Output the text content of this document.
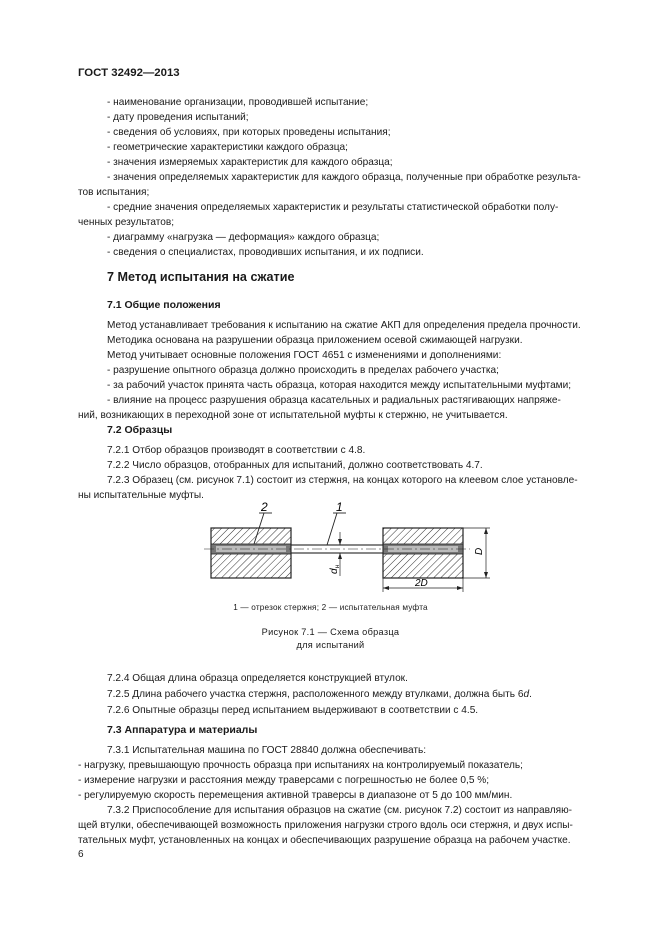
ГОСТ 32492—2013
- наименование организации, проводившей испытание;
- дату проведения испытаний;
- сведения об условиях, при которых проведены испытания;
- геометрические характеристики каждого образца;
- значения измеряемых характеристик для каждого образца;
- значения определяемых характеристик для каждого образца, полученные при обработке результа-
тов испытания;
- средние значения определяемых характеристик и результаты статистической обработки полу-
ченных результатов;
- диаграмму «нагрузка — деформация» каждого образца;
- сведения о специалистах, проводивших испытания, и их подписи.
7 Метод испытания на сжатие
7.1 Общие положения
Метод устанавливает требования к испытанию на сжатие АКП для определения предела прочности.
Методика основана на разрушении образца приложением осевой сжимающей нагрузки.
Метод учитывает основные положения ГОСТ 4651 с изменениями и дополнениями:
- разрушение опытного образца должно происходить в пределах рабочего участка;
- за рабочий участок принята часть образца, которая находится между испытательными муфтами;
- влияние на процесс разрушения образца касательных и радиальных растягивающих напряже-
ний, возникающих в переходной зоне от испытательной муфты к стержню, не учитывается.
7.2 Образцы
7.2.1 Отбор образцов производят в соответствии с 4.8.
7.2.2 Число образцов, отобранных для испытаний, должно соответствовать 4.7.
7.2.3 Образец (см. рисунок 7.1) состоит из стержня, на концах которого на клеевом слое установле-
ны испытательные муфты.
2	1
D
d
н
2D
1 — отрезок стержня; 2 — испытательная муфта
Рисунок 7.1 — Схема образца
для испытаний
7.2.4 Общая длина образца определяется конструкцией втулок.
7.2.5 Длина рабочего участка стержня, расположенного между втулками, должна быть 6d.
7.2.6 Опытные образцы перед испытанием выдерживают в соответствии с 4.5.
7.3 Аппаратура и материалы
7.3.1 Испытательная машина по ГОСТ 28840 должна обеспечивать:
- нагрузку, превышающую прочность образца при испытаниях на контролируемый показатель;
- измерение нагрузки и расстояния между траверсами с погрешностью не более 0,5 %;
- регулируемую скорость перемещения активной траверсы в диапазоне от 5 до 100 мм/мин.
7.3.2 Приспособление для испытания образцов на сжатие (см. рисунок 7.2) состоит из направляю-
щей втулки, обеспечивающей возможность приложения нагрузки строго вдоль оси стержня, и двух испы-
тательных муфт, установленных на концах и обеспечивающих разрушение образца на рабочем участке.
6
